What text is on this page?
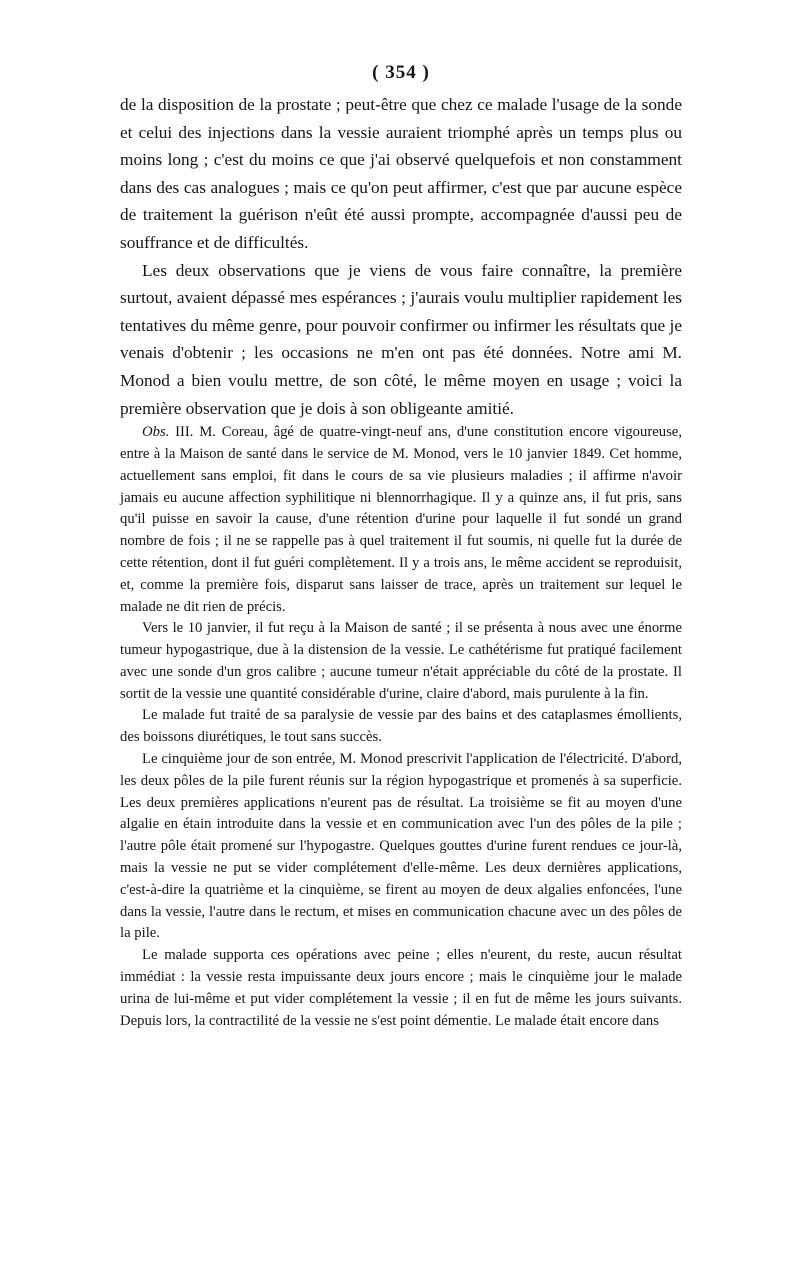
( 354 )

de la disposition de la prostate ; peut-être que chez ce malade l'usage de la sonde et celui des injections dans la vessie auraient triomphé après un temps plus ou moins long ; c'est du moins ce que j'ai observé quelquefois et non constamment dans des cas analogues ; mais ce qu'on peut affirmer, c'est que par aucune espèce de traitement la guérison n'eût été aussi prompte, accompagnée d'aussi peu de souffrance et de difficultés.

Les deux observations que je viens de vous faire connaître, la première surtout, avaient dépassé mes espérances ; j'aurais voulu multiplier rapidement les tentatives du même genre, pour pouvoir confirmer ou infirmer les résultats que je venais d'obtenir ; les occasions ne m'en ont pas été données. Notre ami M. Monod a bien voulu mettre, de son côté, le même moyen en usage ; voici la première observation que je dois à son obligeante amitié.

Obs. III. M. Coreau, âgé de quatre-vingt-neuf ans, d'une constitution encore vigoureuse, entre à la Maison de santé dans le service de M. Monod, vers le 10 janvier 1849. Cet homme, actuellement sans emploi, fit dans le cours de sa vie plusieurs maladies ; il affirme n'avoir jamais eu aucune affection syphilitique ni blennorrhagique. Il y a quinze ans, il fut pris, sans qu'il puisse en savoir la cause, d'une rétention d'urine pour laquelle il fut sondé un grand nombre de fois ; il ne se rappelle pas à quel traitement il fut soumis, ni quelle fut la durée de cette rétention, dont il fut guéri complètement. Il y a trois ans, le même accident se reproduisit, et, comme la première fois, disparut sans laisser de trace, après un traitement sur lequel le malade ne dit rien de précis.

Vers le 10 janvier, il fut reçu à la Maison de santé ; il se présenta à nous avec une énorme tumeur hypogastrique, due à la distension de la vessie. Le cathétérisme fut pratiqué facilement avec une sonde d'un gros calibre ; aucune tumeur n'était appréciable du côté de la prostate. Il sortit de la vessie une quantité considérable d'urine, claire d'abord, mais purulente à la fin.

Le malade fut traité de sa paralysie de vessie par des bains et des cataplasmes émollients, des boissons diurétiques, le tout sans succès.

Le cinquième jour de son entrée, M. Monod prescrivit l'application de l'électricité. D'abord, les deux pôles de la pile furent réunis sur la région hypogastrique et promenés à sa superficie. Les deux premières applications n'eurent pas de résultat. La troisième se fit au moyen d'une algalie en étain introduite dans la vessie et en communication avec l'un des pôles de la pile ; l'autre pôle était promené sur l'hypogastre. Quelques gouttes d'urine furent rendues ce jour-là, mais la vessie ne put se vider complétement d'elle-même. Les deux dernières applications, c'est-à-dire la quatrième et la cinquième, se firent au moyen de deux algalies enfoncées, l'une dans la vessie, l'autre dans le rectum, et mises en communication chacune avec un des pôles de la pile.

Le malade supporta ces opérations avec peine ; elles n'eurent, du reste, aucun résultat immédiat : la vessie resta impuissante deux jours encore ; mais le cinquième jour le malade urina de lui-même et put vider complétement la vessie ; il en fut de même les jours suivants. Depuis lors, la contractilité de la vessie ne s'est point démentie. Le malade était encore dans
